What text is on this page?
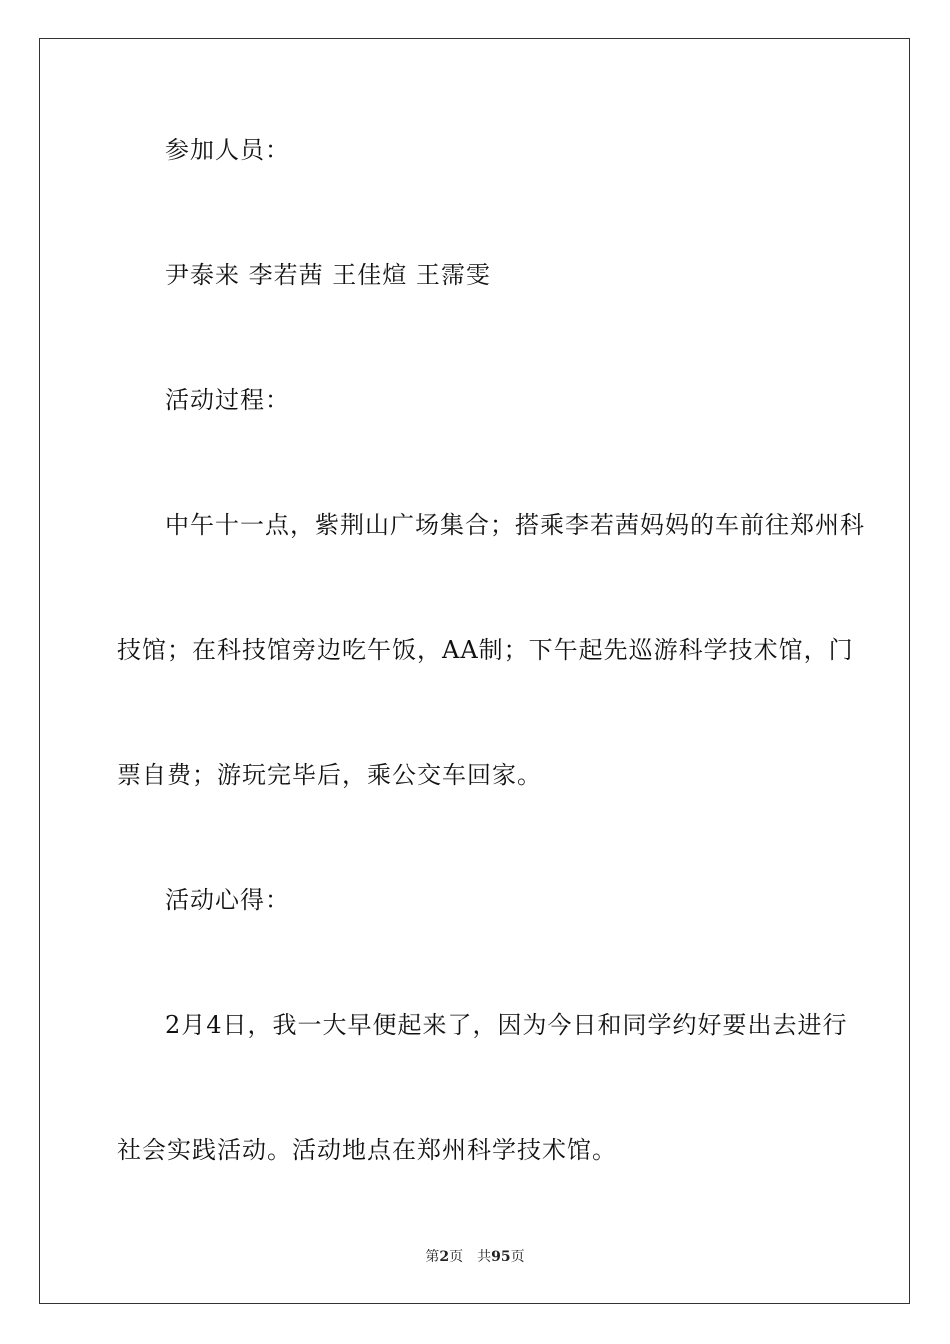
参加人员：
尹泰来 李若茜 王佳煊 王霈雯
活动过程：
中午十一点，紫荆山广场集合；搭乘李若茜妈妈的车前往郑州科
技馆；在科技馆旁边吃午饭，AA制；下午起先巡游科学技术馆，门
票自费；游玩完毕后，乘公交车回家。
活动心得：
2月4日，我一大早便起来了，因为今日和同学约好要出去进行
社会实践活动。活动地点在郑州科学技术馆。
第2页 共95页
